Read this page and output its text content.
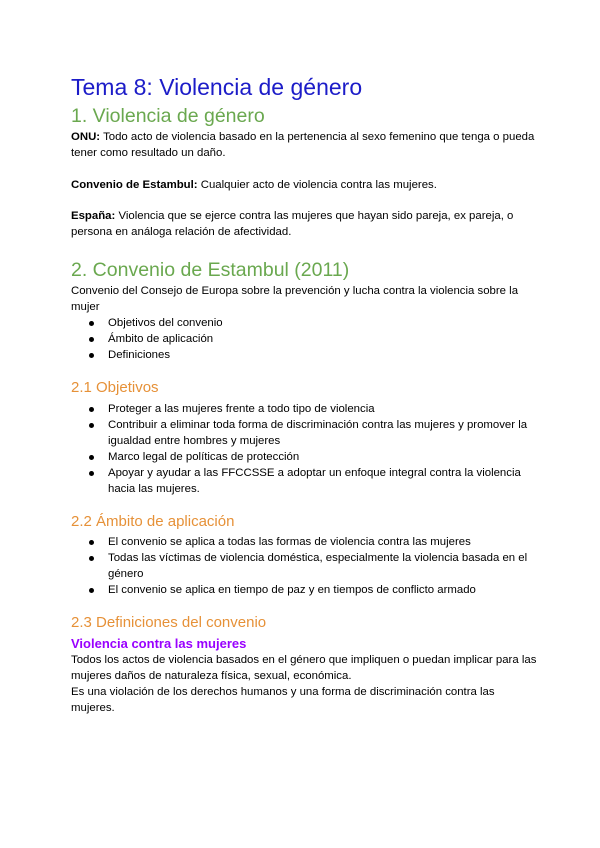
Tema 8: Violencia de género
1. Violencia de género

ONU: Todo acto de violencia basado en la pertenencia al sexo femenino que tenga o pueda tener como resultado un daño.

Convenio de Estambul: Cualquier acto de violencia contra las mujeres.

España: Violencia que se ejerce contra las mujeres que hayan sido pareja, ex pareja, o persona en análoga relación de afectividad.

2. Convenio de Estambul (2011)

Convenio del Consejo de Europa sobre la prevención y lucha contra la violencia sobre la mujer

Objetivos del convenio
Ámbito de aplicación
Definiciones
2.1 Objetivos
Proteger a las mujeres frente a todo tipo de violencia
Contribuir a eliminar toda forma de discriminación contra las mujeres y promover la igualdad entre hombres y mujeres
Marco legal de políticas de protección
Apoyar y ayudar a las FFCCSSE a adoptar un enfoque integral contra la violencia hacia las mujeres.
2.2 Ámbito de aplicación
El convenio se aplica a todas las formas de violencia contra las mujeres
Todas las víctimas de violencia doméstica, especialmente la violencia basada en el género
El convenio se aplica en tiempo de paz y en tiempos de conflicto armado
2.3 Definiciones del convenio
Violencia contra las mujeres

Todos los actos de violencia basados en el género que impliquen o puedan implicar para las mujeres daños de naturaleza física, sexual, económica.

Es una violación de los derechos humanos y una forma de discriminación contra las mujeres.
